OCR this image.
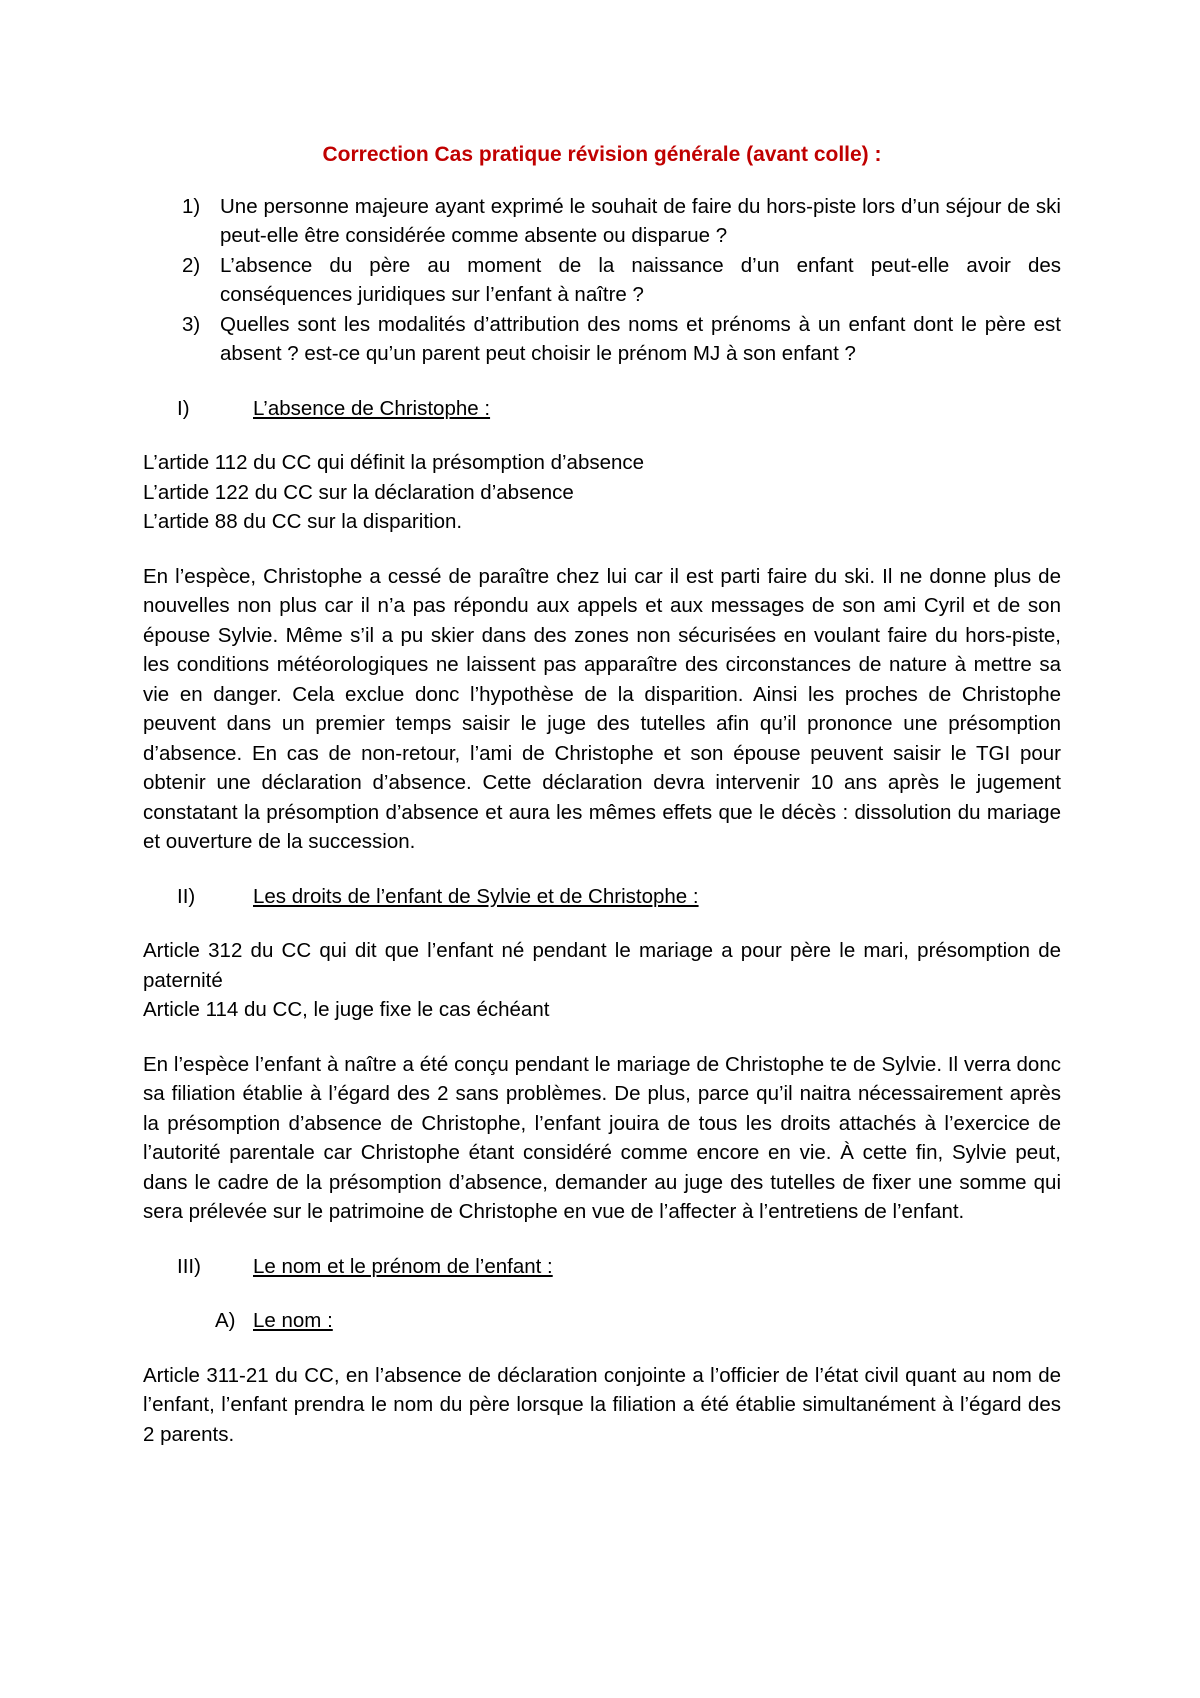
Correction Cas pratique révision générale (avant colle) :
1) Une personne majeure ayant exprimé le souhait de faire du hors-piste lors d’un séjour de ski peut-elle être considérée comme absente ou disparue ?
2) L’absence du père au moment de la naissance d’un enfant peut-elle avoir des conséquences juridiques sur l’enfant à naître ?
3) Quelles sont les modalités d’attribution des noms et prénoms à un enfant dont le père est absent ? est-ce qu’un parent peut choisir le prénom MJ à son enfant ?
I)	L’absence de Christophe :
L’artide 112 du CC qui définit la présomption d’absence
L’artide 122 du CC sur la déclaration d’absence
L’artide 88 du CC sur la disparition.

En l’espèce, Christophe a cessé de paraître chez lui car il est parti faire du ski. Il ne donne plus de nouvelles non plus car il n’a pas répondu aux appels et aux messages de son ami Cyril et de son épouse Sylvie. Même s’il a pu skier dans des zones non sécurisées en voulant faire du hors-piste, les conditions météorologiques ne laissent pas apparaître des circonstances de nature à mettre sa vie en danger. Cela exclue donc l’hypothèse de la disparition. Ainsi les proches de Christophe peuvent dans un premier temps saisir le juge des tutelles afin qu’il prononce une présomption d’absence. En cas de non-retour, l’ami de Christophe et son épouse peuvent saisir le TGI pour obtenir une déclaration d’absence. Cette déclaration devra intervenir 10 ans après le jugement constatant la présomption d’absence et aura les mêmes effets que le décès : dissolution du mariage et ouverture de la succession.

II)	Les droits de l’enfant de Sylvie et de Christophe :
Article 312 du CC qui dit que l’enfant né pendant le mariage a pour père le mari, présomption de paternité
Article 114 du CC, le juge fixe le cas échéant

En l’espèce l’enfant à naître a été conçu pendant le mariage de Christophe te de Sylvie. Il verra donc sa filiation établie à l’égard des 2 sans problèmes. De plus, parce qu’il naitra nécessairement après la présomption d’absence de Christophe, l’enfant jouira de tous les droits attachés à l’exercice de l’autorité parentale car Christophe étant considéré comme encore en vie. À cette fin, Sylvie peut, dans le cadre de la présomption d’absence, demander au juge des tutelles de fixer une somme qui sera prélevée sur le patrimoine de Christophe en vue de l’affecter à l’entretiens de l’enfant.

III)	Le nom et le prénom de l’enfant :
A) Le nom :

Article 311-21 du CC, en l’absence de déclaration conjointe a l’officier de l’état civil quant au nom de l’enfant, l’enfant prendra le nom du père lorsque la filiation a été établie simultanément à l’égard des 2 parents.
